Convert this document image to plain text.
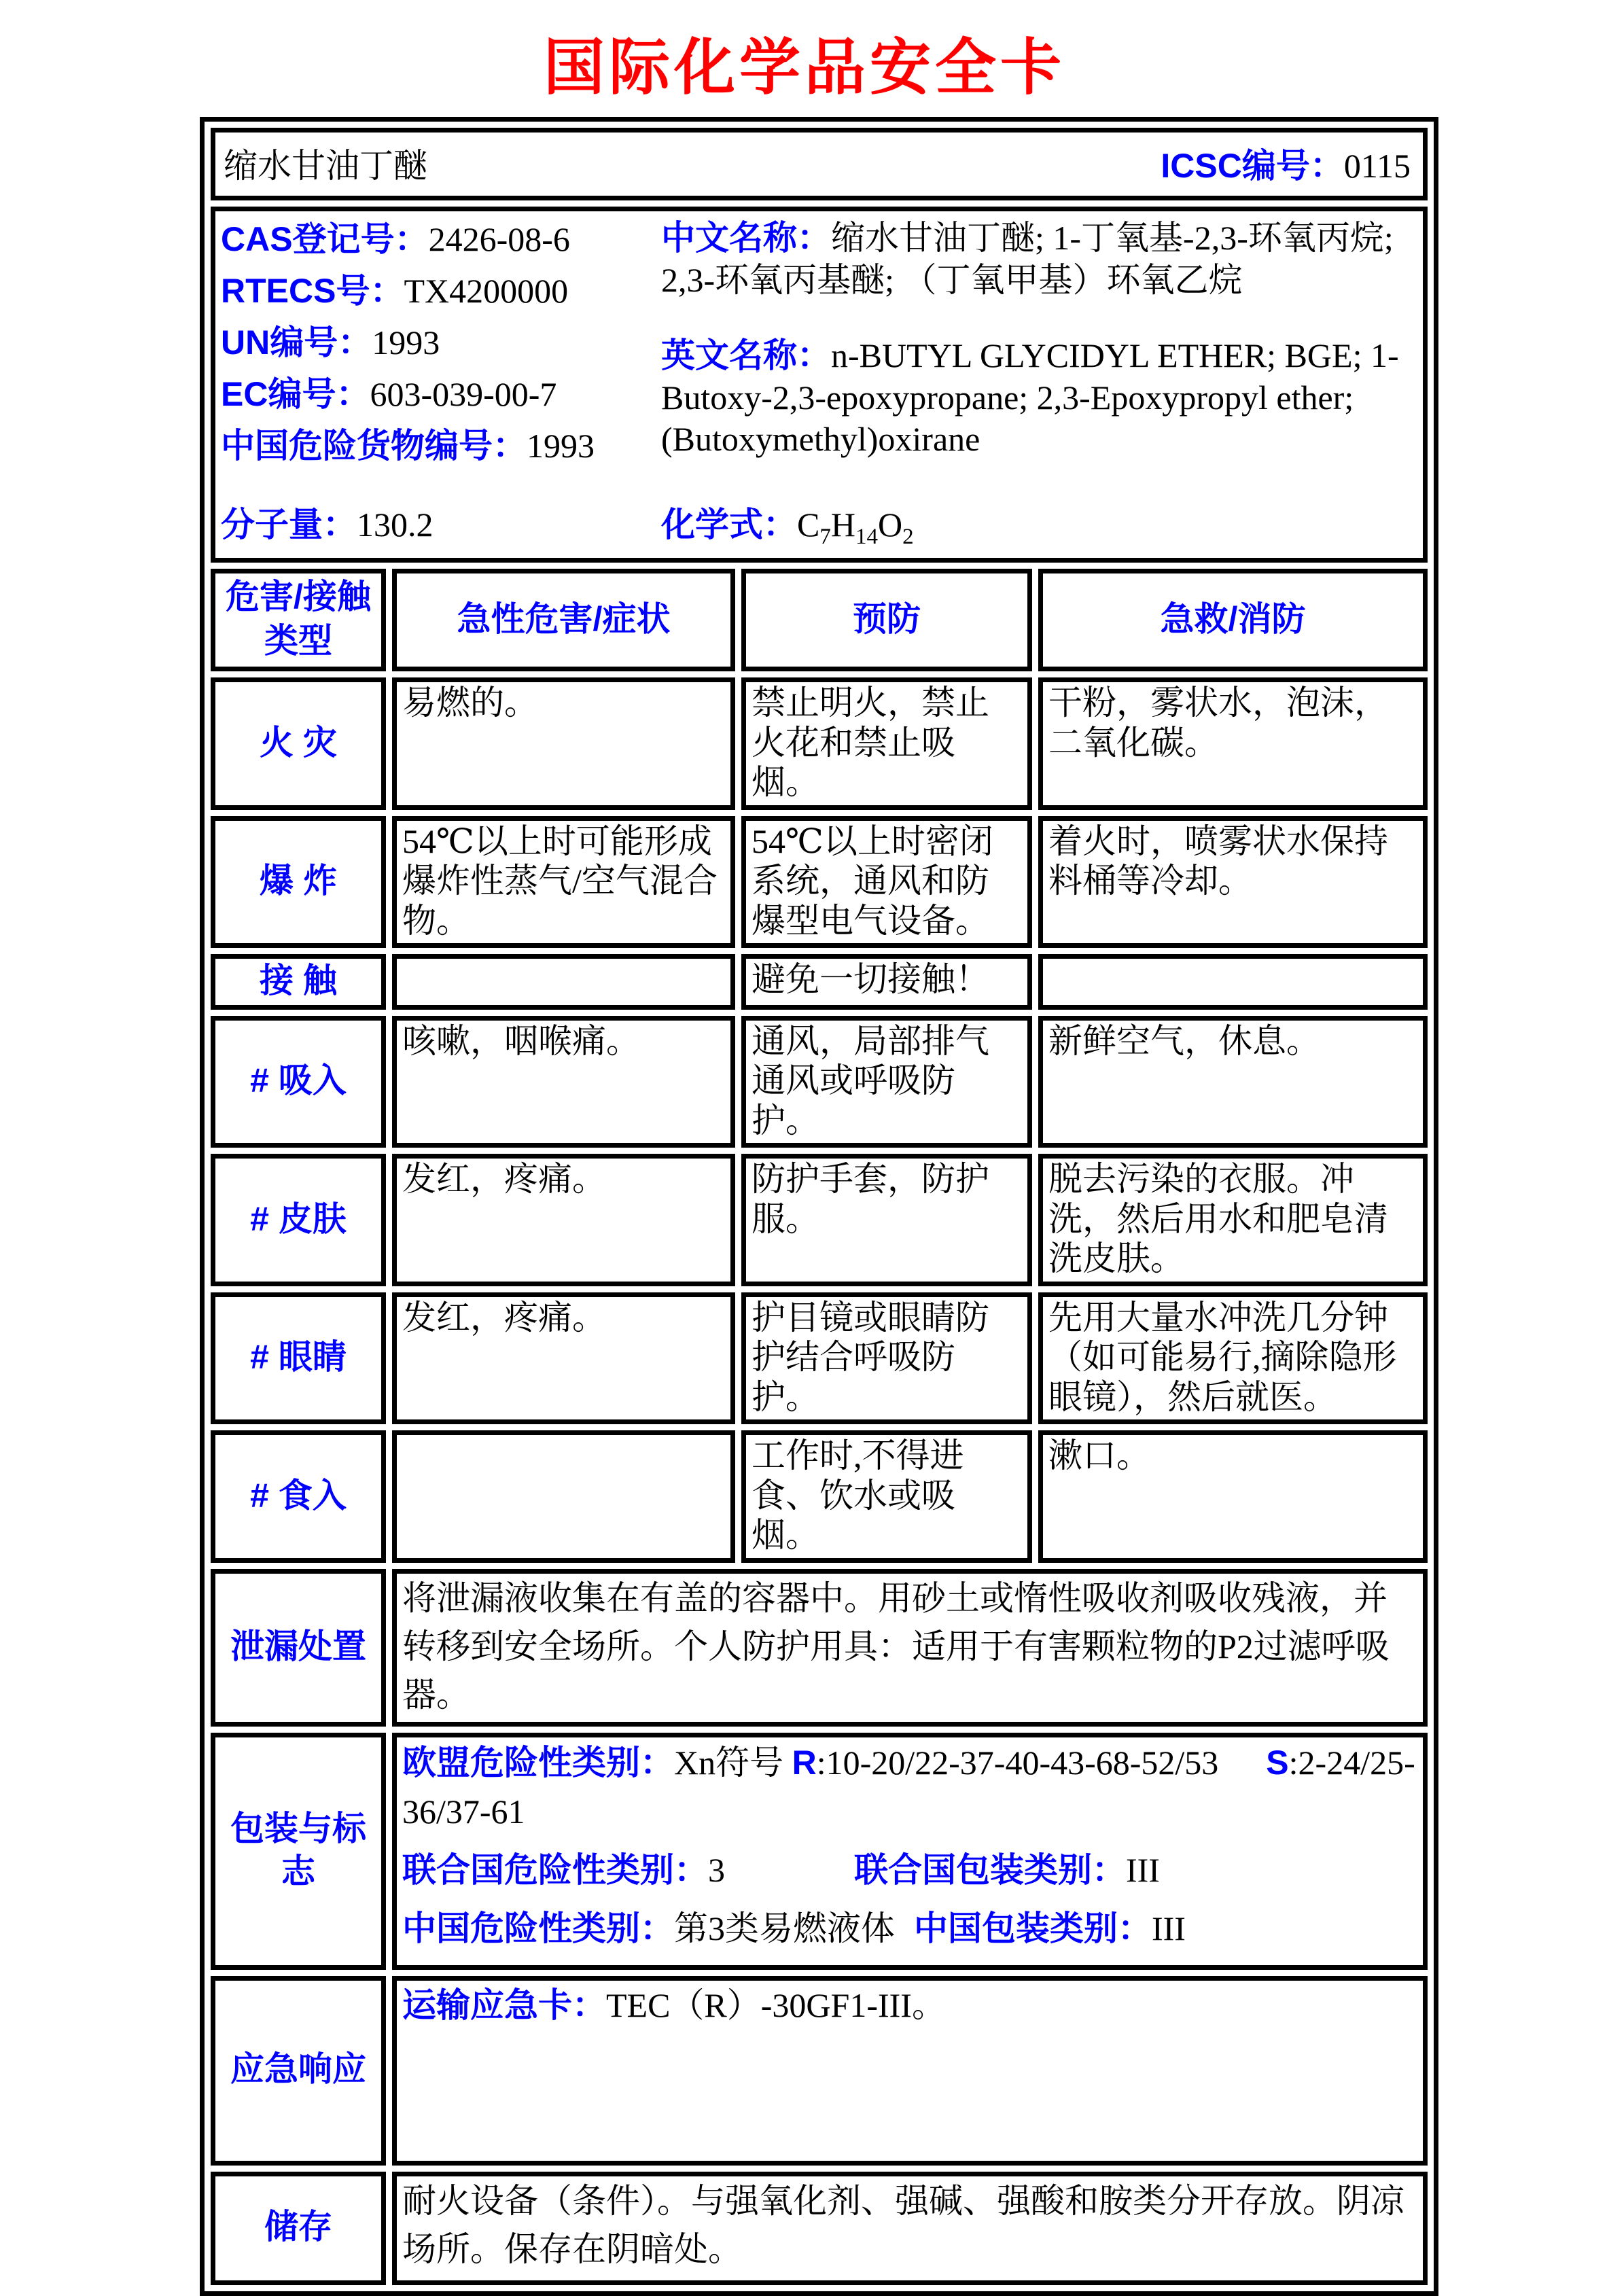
国际化学品安全卡
缩水甘油丁醚 ICSC编号：0115			

CAS登记号：2426-08-6

RTECS号：TX4200000

UN编号：1993

EC编号：603-039-00-7

中国危险货物编号：1993

分子量：130.2

中文名称：缩水甘油丁醚; 1-丁氧基-2,3-环氧丙烷; 2,3-环氧丙基醚; （丁氧甲基）环氧乙烷

英文名称：n-BUTYL GLYCIDYL ETHER; BGE; 1-Butoxy-2,3-epoxypropane; 2,3-Epoxypropyl ether; (Butoxymethyl)oxirane

化学式：$C_7H_{14}O_2$

危害/接触类型	急性危害/症状	预防	急救/消防
火 灾	易燃的。	禁止明火，禁止火花和禁止吸烟。	干粉，雾状水，泡沫，二氧化碳。
爆 炸	54℃以上时可能形成爆炸性蒸气/空气混合物。	54℃以上时密闭系统，通风和防爆型电气设备。	着火时，喷雾状水保持料桶等冷却。
接 触		避免一切接触！	
# 吸入	咳嗽，咽喉痛。	通风，局部排气通风或呼吸防护。	新鲜空气，休息。
# 皮肤	发红，疼痛。	防护手套，防护服。	脱去污染的衣服。冲洗，然后用水和肥皂清洗皮肤。
# 眼睛	发红，疼痛。	护目镜或眼睛防护结合呼吸防护。	先用大量水冲洗几分钟（如可能易行,摘除隐形眼镜），然后就医。
# 食入		工作时,不得进食、饮水或吸烟。	漱口。
泄漏处置	将泄漏液收集在有盖的容器中。用砂土或惰性吸收剂吸收残液，并转移到安全场所。个人防护用具：适用于有害颗粒物的P2过滤呼吸器。		
包装与标志	欧盟危险性类别：Xn符号 R:10-20/22-37-40-43-68-52/53 S:2-24/25-36/37-61

联合国危险性类别：3 联合国包装类别：III

中国危险性类别：第3类易燃液体 中国包装类别：III		

应急响应	运输应急卡：TEC（R）-30GF1-III。		
储存	耐火设备（条件）。与强氧化剂、强碱、强酸和胺类分开存放。阴凉场所。保存在阴暗处。		
